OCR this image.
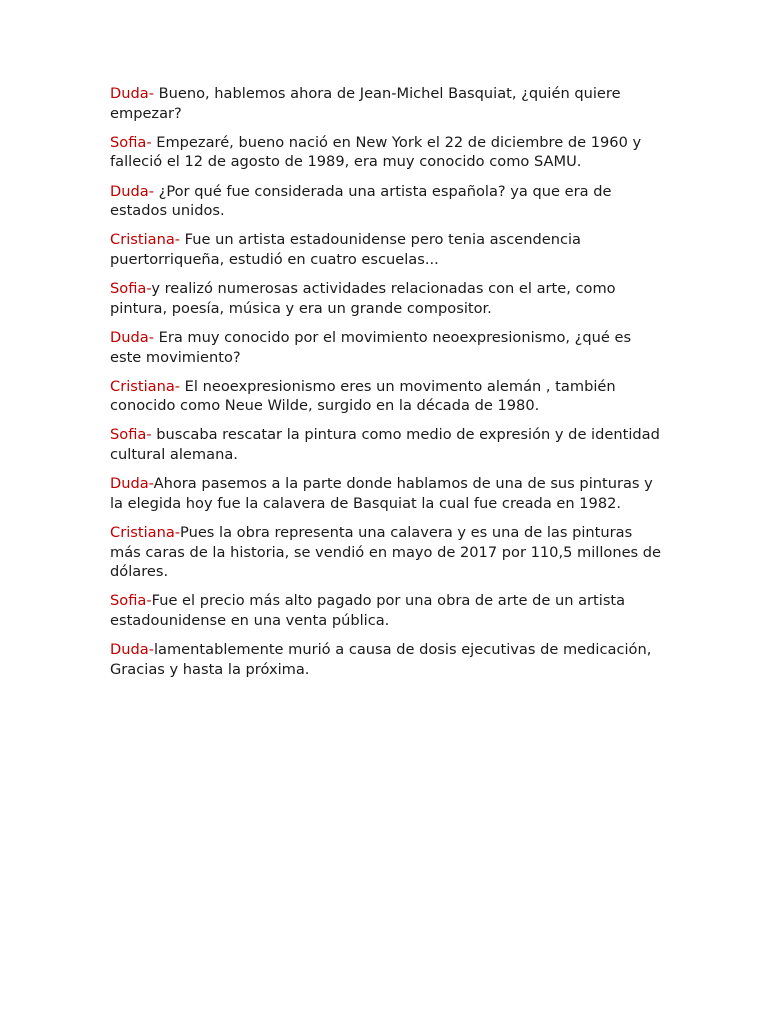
Duda- Bueno, hablemos ahora de Jean-Michel Basquiat, ¿quién quiere empezar?

Sofia- Empezaré, bueno nació en New York el 22 de diciembre de 1960 y falleció el 12 de agosto de 1989, era muy conocido como SAMU.

Duda- ¿Por qué fue considerada una artista española? ya que era de estados unidos.

Cristiana- Fue un artista estadounidense pero tenia ascendencia puertorriqueña, estudió en cuatro escuelas...

Sofia-y realizó numerosas actividades relacionadas con el arte, como pintura, poesía, música y era un grande compositor.

Duda- Era muy conocido por el movimiento neoexpresionismo, ¿qué es este movimiento?

Cristiana- El neoexpresionismo eres un movimento alemán , también conocido como Neue Wilde, surgido en la década de 1980.

Sofia- buscaba rescatar la pintura como medio de expresión y de identidad cultural alemana.

Duda-Ahora pasemos a la parte donde hablamos de una de sus pinturas y la elegida hoy fue la calavera de Basquiat la cual fue creada en 1982.

Cristiana-Pues la obra representa una calavera y es una de las pinturas más caras de la historia, se vendió en mayo de 2017 por 110,5 millones de dólares.

Sofia-Fue el precio más alto pagado por una obra de arte de un artista estadounidense en una venta pública.

Duda-lamentablemente murió a causa de dosis ejecutivas de medicación, Gracias y hasta la próxima.
